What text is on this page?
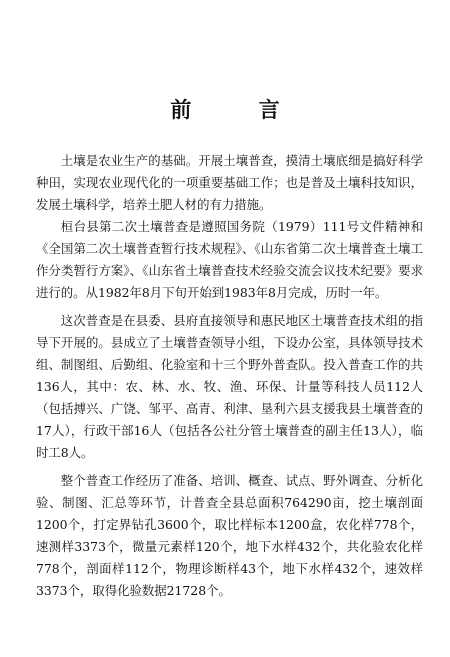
前 言

土壤是农业生产的基础。开展土壤普查，摸清土壤底细是搞好科学种田，实现农业现代化的一项重要基础工作；也是普及土壤科技知识，发展土壤科学，培养土肥人材的有力措施。

桓台县第二次土壤普查是遵照国务院（1979）111号文件精神和《全国第二次土壤普查暂行技术规程》、《山东省第二次土壤普查土壤工作分类暂行方案》、《山东省土壤普查技术经验交流会议技术纪要》要求进行的。从1982年8月下旬开始到1983年8月完成，历时一年。

这次普查是在县委、县府直接领导和惠民地区土壤普查技术组的指导下开展的。县成立了土壤普查领导小组，下设办公室，具体领导技术组、制图组、后勤组、化验室和十三个野外普查队。投入普查工作的共136人，其中：农、林、水、牧、渔、环保、计量等科技人员112人（包括搏兴、广饶、邹平、高青、利津、垦利六县支援我县土壤普查的17人），行政干部16人（包括各公社分管土壤普查的副主任13人），临时工8人。

整个普查工作经历了准备、培训、概查、试点、野外调查、分析化验、制图、汇总等环节，计普查全县总面积764290亩，挖土壤剖面1200个，打定界钻孔3600个，取比样标本1200盒，农化样778个，速测样3373个，微量元素样120个，地下水样432个，共化验农化样778个，剖面样112个，物理诊断样43个，地下水样432个，速效样3373个，取得化验数据21728个。
